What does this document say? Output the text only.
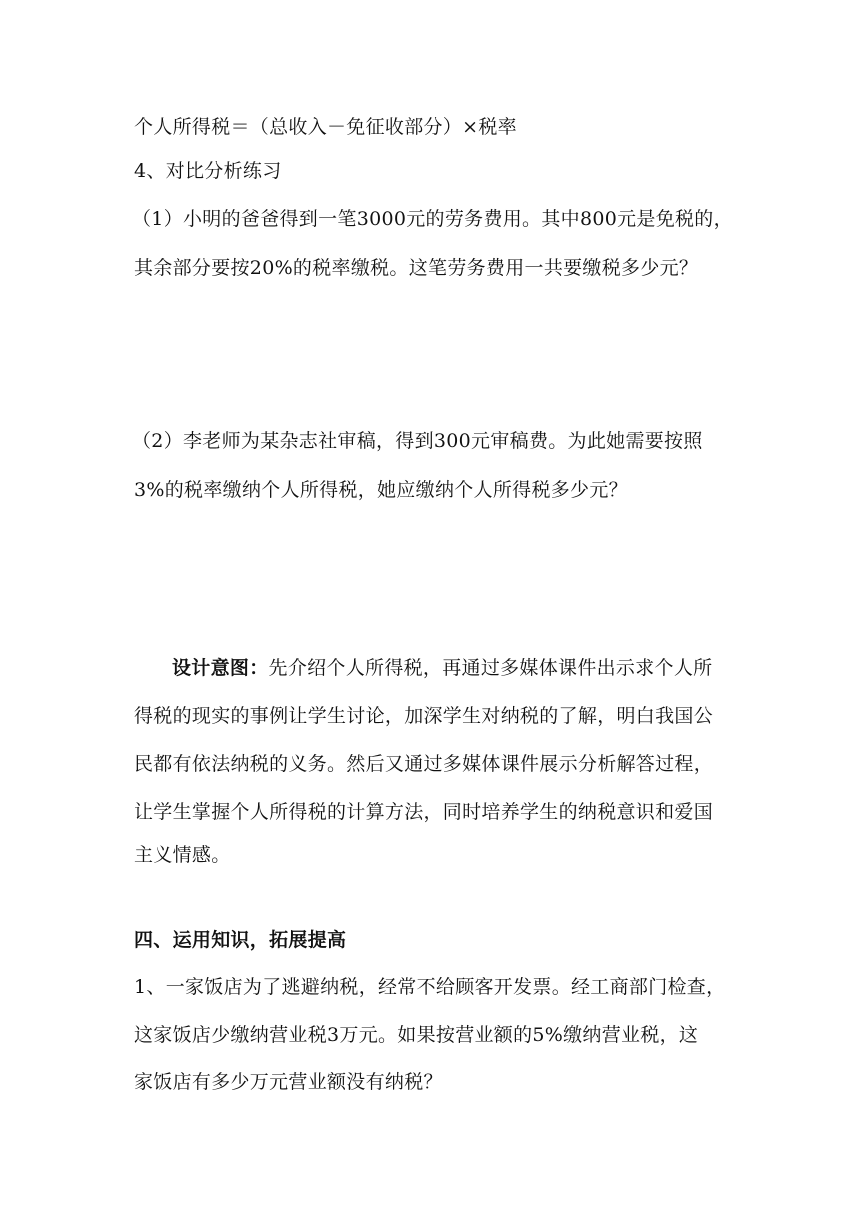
个人所得税＝（总收入－免征收部分）×税率
4、对比分析练习
（1）小明的爸爸得到一笔3000元的劳务费用。其中800元是免税的，
其余部分要按20%的税率缴税。这笔劳务费用一共要缴税多少元？
（2）李老师为某杂志社审稿，得到300元审稿费。为此她需要按照
3%的税率缴纳个人所得税，她应缴纳个人所得税多少元？
设计意图：先介绍个人所得税，再通过多媒体课件出示求个人所
得税的现实的事例让学生讨论，加深学生对纳税的了解，明白我国公
民都有依法纳税的义务。然后又通过多媒体课件展示分析解答过程，
让学生掌握个人所得税的计算方法，同时培养学生的纳税意识和爱国
主义情感。
四、运用知识，拓展提高
1、一家饭店为了逃避纳税，经常不给顾客开发票。经工商部门检查，
这家饭店少缴纳营业税3万元。如果按营业额的5%缴纳营业税，这
家饭店有多少万元营业额没有纳税？
